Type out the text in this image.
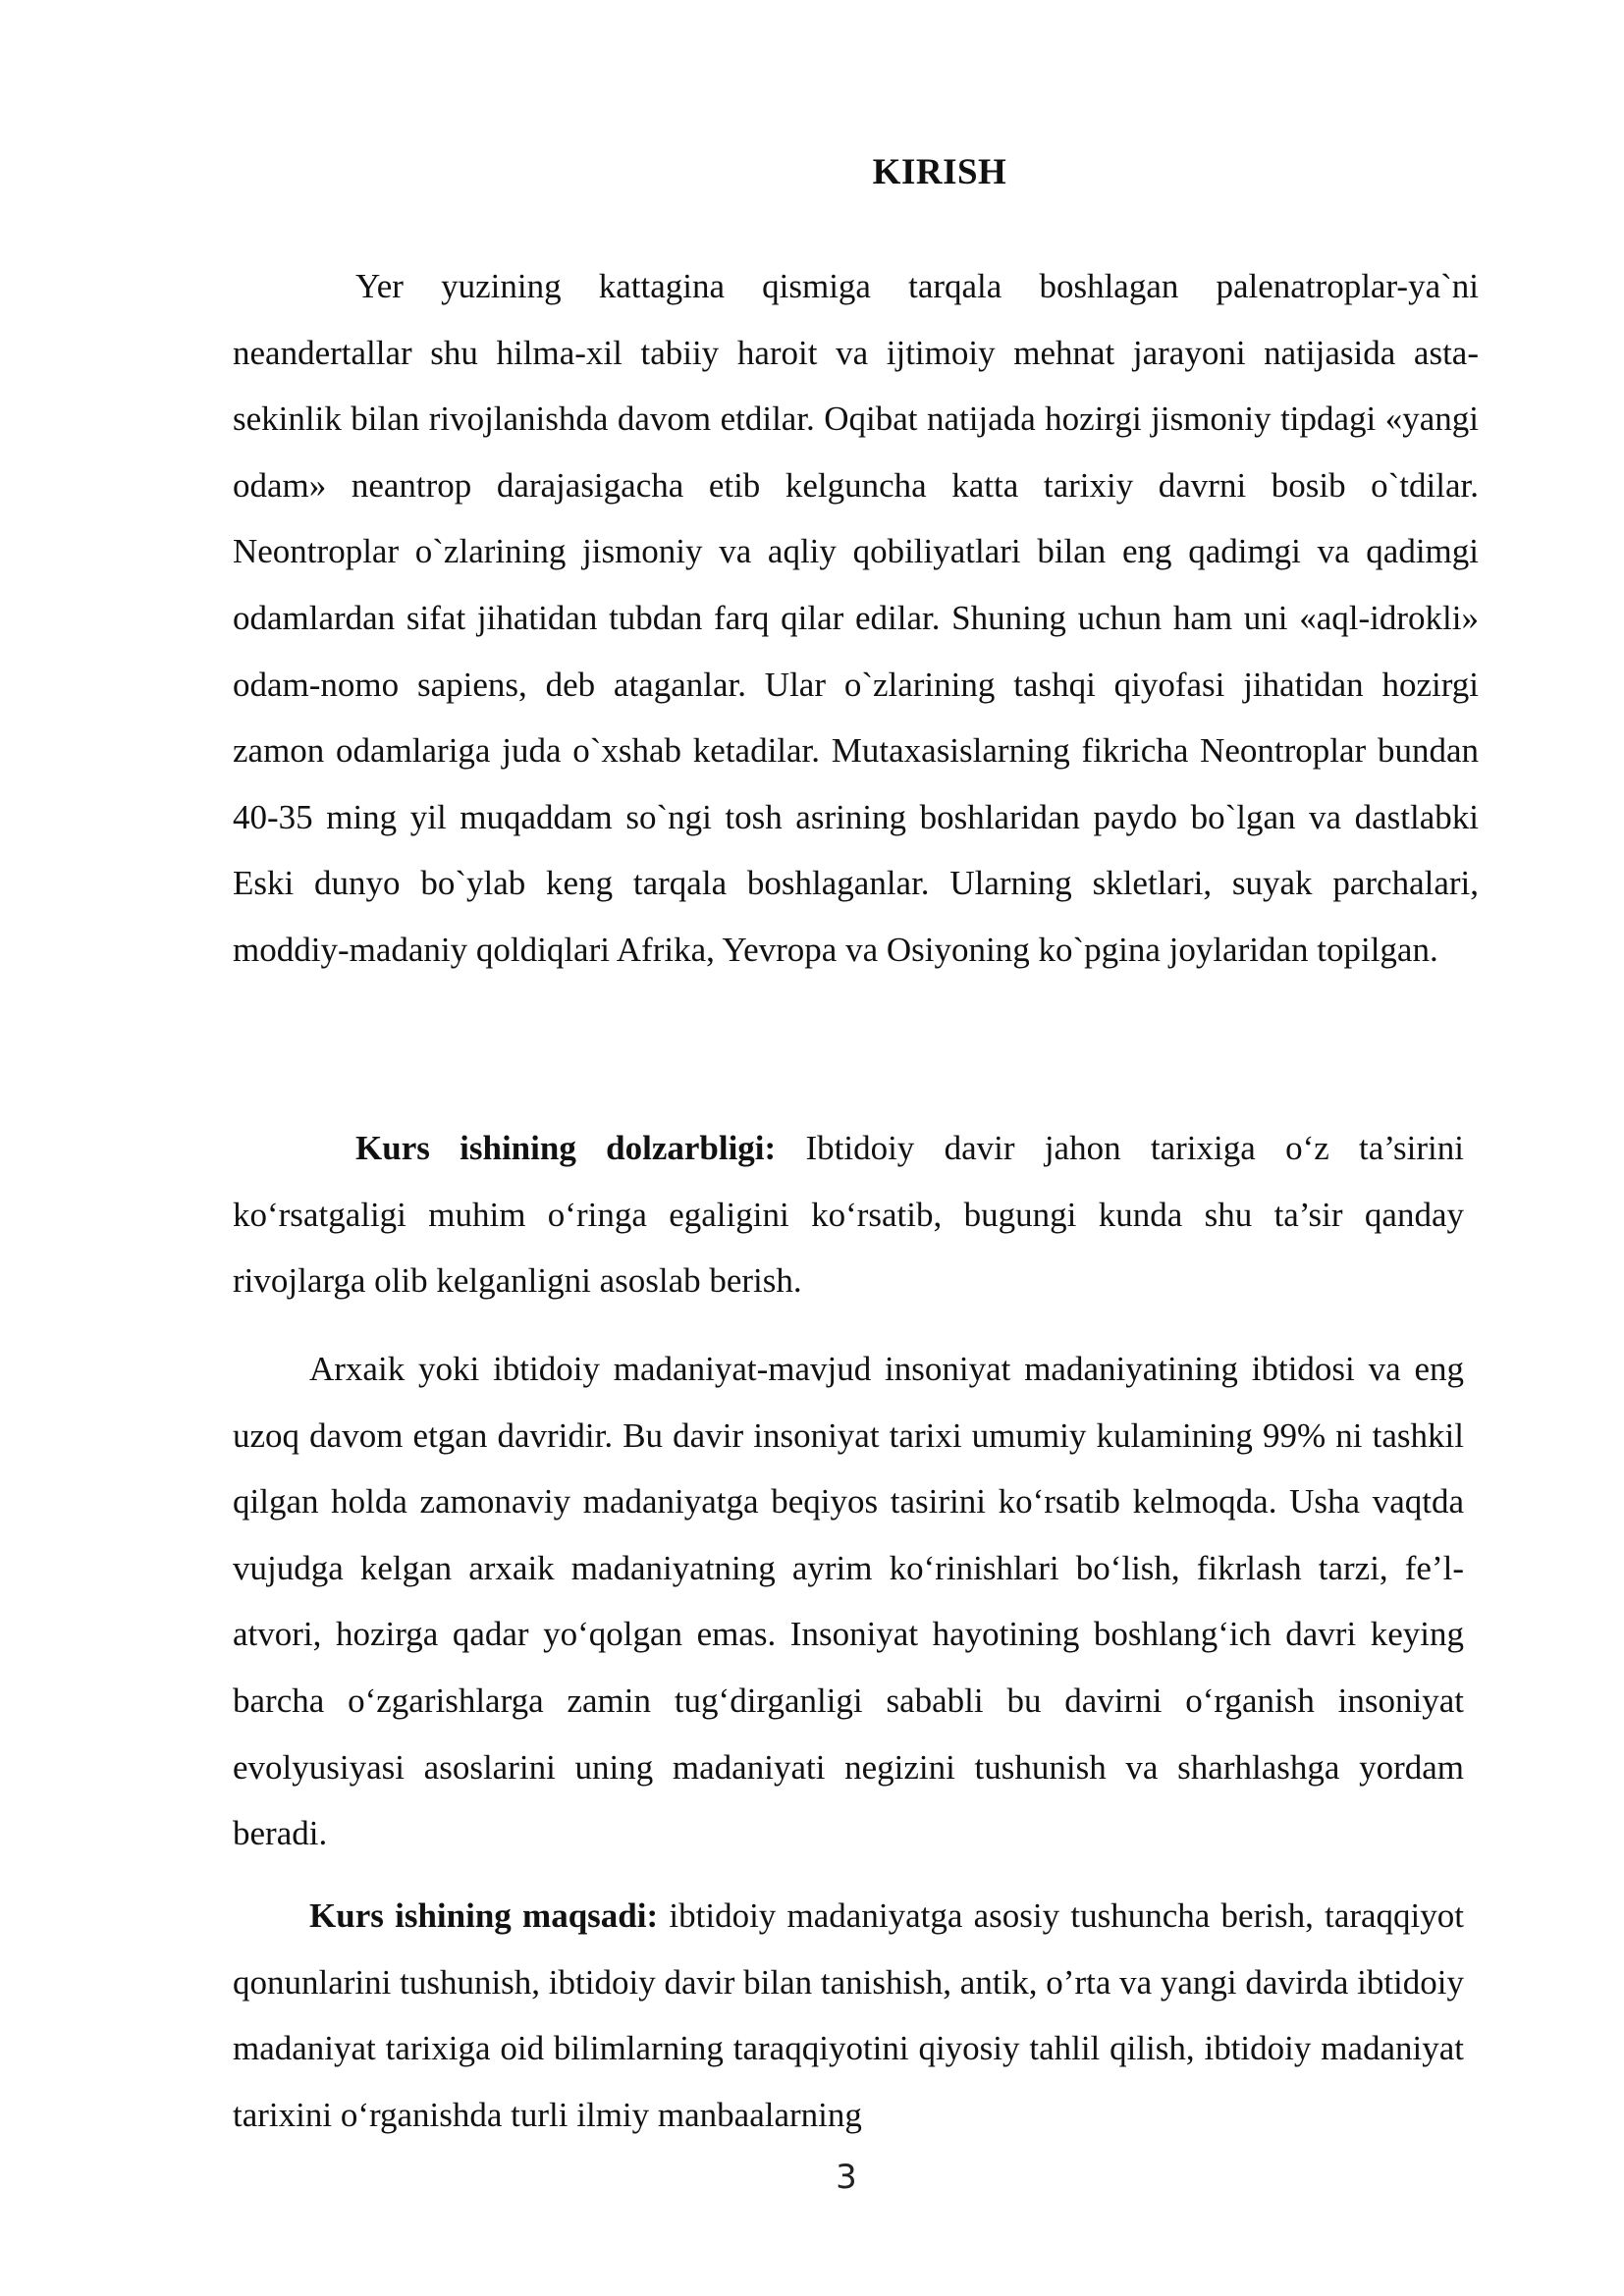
KIRISH

Yer yuzining kattagina qismiga tarqala boshlagan palenatroplar-ya`ni neandertallar shu hilma-xil tabiiy haroit va ijtimoiy mehnat jarayoni natijasida asta-sekinlik bilan rivojlanishda davom etdilar. Oqibat natijada hozirgi jismoniy tipdagi «yangi odam» neantrop darajasigacha etib kelguncha katta tarixiy davrni bosib o`tdilar. Neontroplar o`zlarining jismoniy va aqliy qobiliyatlari bilan eng qadimgi va qadimgi odamlardan sifat jihatidan tubdan farq qilar edilar. Shuning uchun ham uni «aql-idrokli» odam-nomo sapiens, deb ataganlar. Ular o`zlarining tashqi qiyofasi jihatidan hozirgi zamon odamlariga juda o`xshab ketadilar. Mutaxasislarning fikricha Neontroplar bundan 40-35 ming yil muqaddam so`ngi tosh asrining boshlaridan paydo bo`lgan va dastlabki Eski dunyo bo`ylab keng tarqala boshlaganlar. Ularning skletlari, suyak parchalari, moddiy-madaniy qoldiqlari Afrika, Yevropa va Osiyoning ko`pgina joylaridan topilgan.

Kurs ishining dolzarbligi: Ibtidoiy davir jahon tarixiga o‘z ta’sirini ko‘rsatgaligi muhim o‘ringa egaligini ko‘rsatib, bugungi kunda shu ta’sir qanday rivojlarga olib kelganligni asoslab berish.

Arxaik yoki ibtidoiy madaniyat-mavjud insoniyat madaniyatining ibtidosi va eng uzoq davom etgan davridir. Bu davir insoniyat tarixi umumiy kulamining 99% ni tashkil qilgan holda zamonaviy madaniyatga beqiyos tasirini ko‘rsatib kelmoqda. Usha vaqtda vujudga kelgan arxaik madaniyatning ayrim ko‘rinishlari bo‘lish, fikrlash tarzi, fe’l-atvori, hozirga qadar yo‘qolgan emas. Insoniyat hayotining boshlang‘ich davri keying barcha o‘zgarishlarga zamin tug‘dirganligi sababli bu davirni o‘rganish insoniyat evolyusiyasi asoslarini uning madaniyati negizini tushunish va sharhlashga yordam beradi.

Kurs ishining maqsadi: ibtidoiy madaniyatga asosiy tushuncha berish, taraqqiyot qonunlarini tushunish, ibtidoiy davir bilan tanishish, antik, o’rta va yangi davirda ibtidoiy madaniyat tarixiga oid bilimlarning taraqqiyotini qiyosiy tahlil qilish, ibtidoiy madaniyat tarixini o‘rganishda turli ilmiy manbaalarning

3
